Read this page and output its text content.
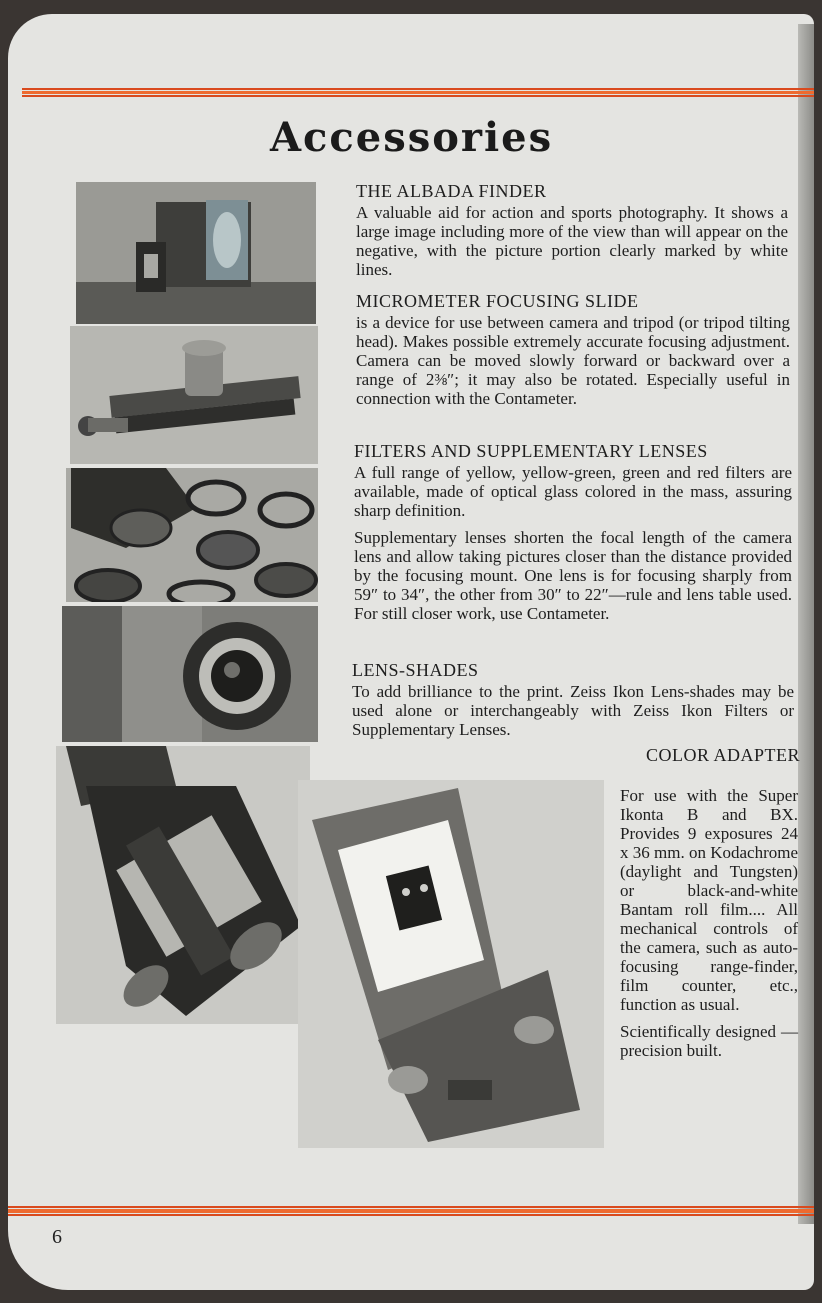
Accessories
THE ALBADA FINDER

A valuable aid for action and sports photography. It shows a large image including more of the view than will appear on the negative, with the picture portion clearly marked by white lines.

MICROMETER FOCUSING SLIDE

is a device for use between camera and tripod (or tripod tilting head). Makes possible extremely accurate focusing adjustment. Camera can be moved slowly forward or backward over a range of 2⅜″; it may also be rotated. Especially useful in connection with the Contameter.

FILTERS AND SUPPLEMENTARY LENSES

A full range of yellow, yellow-green, green and red filters are available, made of optical glass colored in the mass, assuring sharp definition.

Supplementary lenses shorten the focal length of the camera lens and allow taking pictures closer than the distance provided by the focusing mount. One lens is for focusing sharply from 59″ to 34″, the other from 30″ to 22″—rule and lens table used. For still closer work, use Contameter.

LENS-SHADES

To add brilliance to the print. Zeiss Ikon Lens-shades may be used alone or interchangeably with Zeiss Ikon Filters or Supplementary Lenses.

COLOR ADAPTER

For use with the Super Ikonta B and BX. Provides 9 exposures 24 x 36 mm. on Kodachrome (daylight and Tungsten) or black-and-white Bantam roll film.... All mechanical controls of the camera, such as auto-focusing range-finder, film counter, etc., function as usual.

Scientifically designed — precision built.

6
